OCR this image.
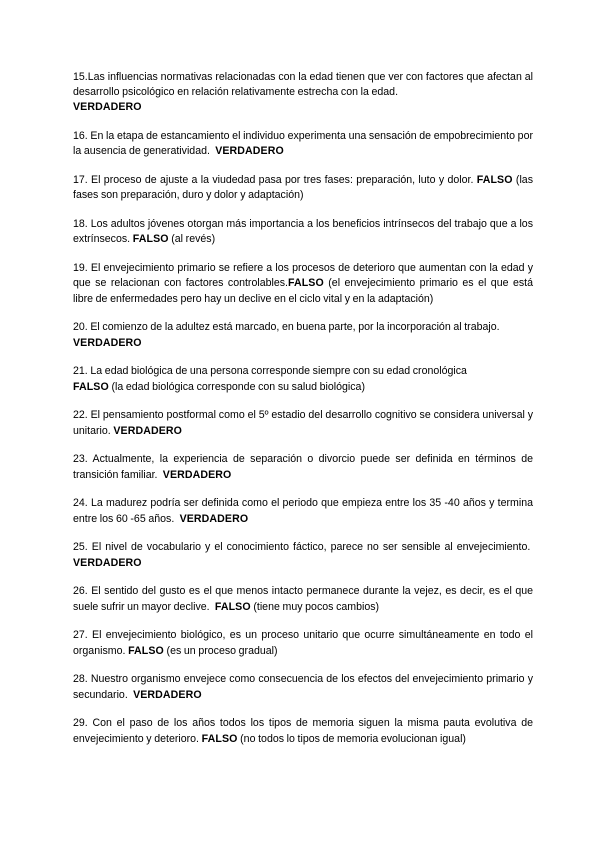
15.Las influencias normativas relacionadas con la edad tienen que ver con factores que afectan al desarrollo psicológico en relación relativamente estrecha con la edad.
VERDADERO

16. En la etapa de estancamiento el individuo experimenta una sensación de empobrecimiento por la ausencia de generatividad. VERDADERO

17. El proceso de ajuste a la viudedad pasa por tres fases: preparación, luto y dolor. FALSO (las fases son preparación, duro y dolor y adaptación)

18. Los adultos jóvenes otorgan más importancia a los beneficios intrínsecos del trabajo que a los extrínsecos. FALSO (al revés)

19. El envejecimiento primario se refiere a los procesos de deterioro que aumentan con la edad y que se relacionan con factores controlables.FALSO (el envejecimiento primario es el que está libre de enfermedades pero hay un declive en el ciclo vital y en la adaptación)

20. El comienzo de la adultez está marcado, en buena parte, por la incorporación al trabajo.
VERDADERO

21. La edad biológica de una persona corresponde siempre con su edad cronológica
FALSO (la edad biológica corresponde con su salud biológica)

22. El pensamiento postformal como el 5º estadio del desarrollo cognitivo se considera universal y unitario. VERDADERO

23. Actualmente, la experiencia de separación o divorcio puede ser definida en términos de transición familiar. VERDADERO

24. La madurez podría ser definida como el periodo que empieza entre los 35 -40 años y termina entre los 60 -65 años. VERDADERO

25. El nivel de vocabulario y el conocimiento fáctico, parece no ser sensible al envejecimiento.  VERDADERO

26. El sentido del gusto es el que menos intacto permanece durante la vejez, es decir, es el que suele sufrir un mayor declive. FALSO (tiene muy pocos cambios)

27. El envejecimiento biológico, es un proceso unitario que ocurre simultáneamente en todo el organismo. FALSO (es un proceso gradual)

28. Nuestro organismo envejece como consecuencia de los efectos del envejecimiento primario y secundario. VERDADERO

29. Con el paso de los años todos los tipos de memoria siguen la misma pauta evolutiva de envejecimiento y deterioro. FALSO (no todos lo tipos de memoria evolucionan igual)
